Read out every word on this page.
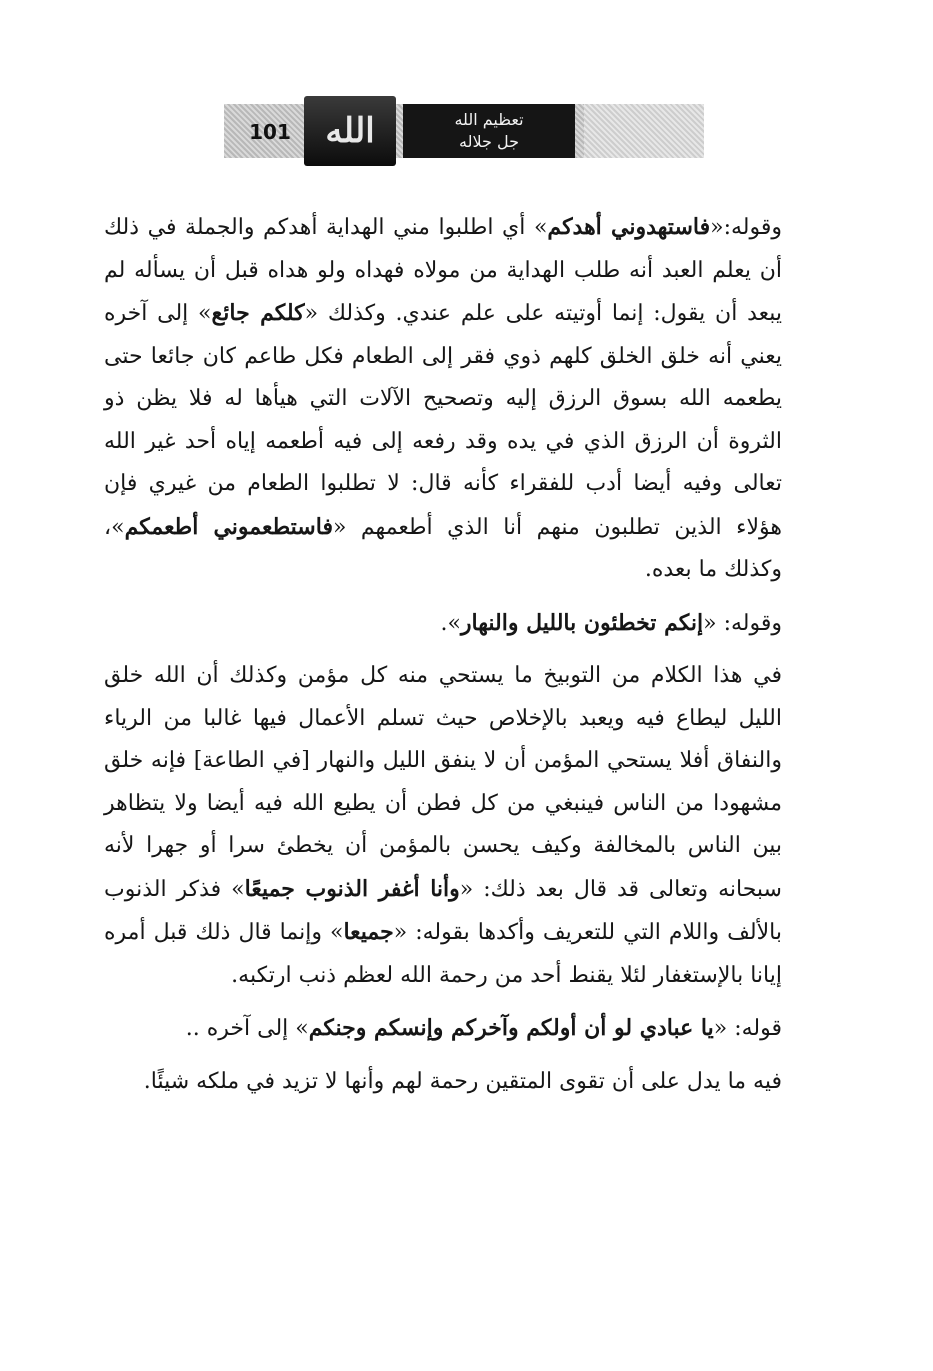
تعظيم الله
جل جلاله
الله
101

وقوله:«فاستهدوني أهدكم» أي اطلبوا مني الهداية أهدكم والجملة في ذلك أن يعلم العبد أنه طلب الهداية من مولاه فهداه ولو هداه قبل أن يسأله لم يبعد أن يقول: إنما أوتيته على علم عندي. وكذلك «كلكم جائع» إلى آخره يعني أنه خلق الخلق كلهم ذوي فقر إلى الطعام فكل طاعم كان جائعا حتى يطعمه الله بسوق الرزق إليه وتصحيح الآلات التي هيأها له فلا يظن ذو الثروة أن الرزق الذي في يده وقد رفعه إلى فيه أطعمه إياه أحد غير الله تعالى وفيه أيضا أدب للفقراء كأنه قال: لا تطلبوا الطعام من غيري فإن هؤلاء الذين تطلبون منهم أنا الذي أطعمهم «فاستطعموني أطعمكم»، وكذلك ما بعده.

وقوله: «إنكم تخطئون بالليل والنهار».

في هذا الكلام من التوبيخ ما يستحي منه كل مؤمن وكذلك أن الله خلق الليل ليطاع فيه ويعبد بالإخلاص حيث تسلم الأعمال فيها غالبا من الرياء والنفاق أفلا يستحي المؤمن أن لا ينفق الليل والنهار [في الطاعة] فإنه خلق مشهودا من الناس فينبغي من كل فطن أن يطيع الله فيه أيضا ولا يتظاهر بين الناس بالمخالفة وكيف يحسن بالمؤمن أن يخطئ سرا أو جهرا لأنه سبحانه وتعالى قد قال بعد ذلك: «وأنا أغفر الذنوب جميعًا» فذكر الذنوب بالألف واللام التي للتعريف وأكدها بقوله: «جميعا» وإنما قال ذلك قبل أمره إيانا بالإستغفار لئلا يقنط أحد من رحمة الله لعظم ذنب ارتكبه.

قوله: «يا عبادي لو أن أولكم وآخركم وإنسكم وجنكم» إلى آخره ..

فيه ما يدل على أن تقوى المتقين رحمة لهم وأنها لا تزيد في ملكه شيئًا.
